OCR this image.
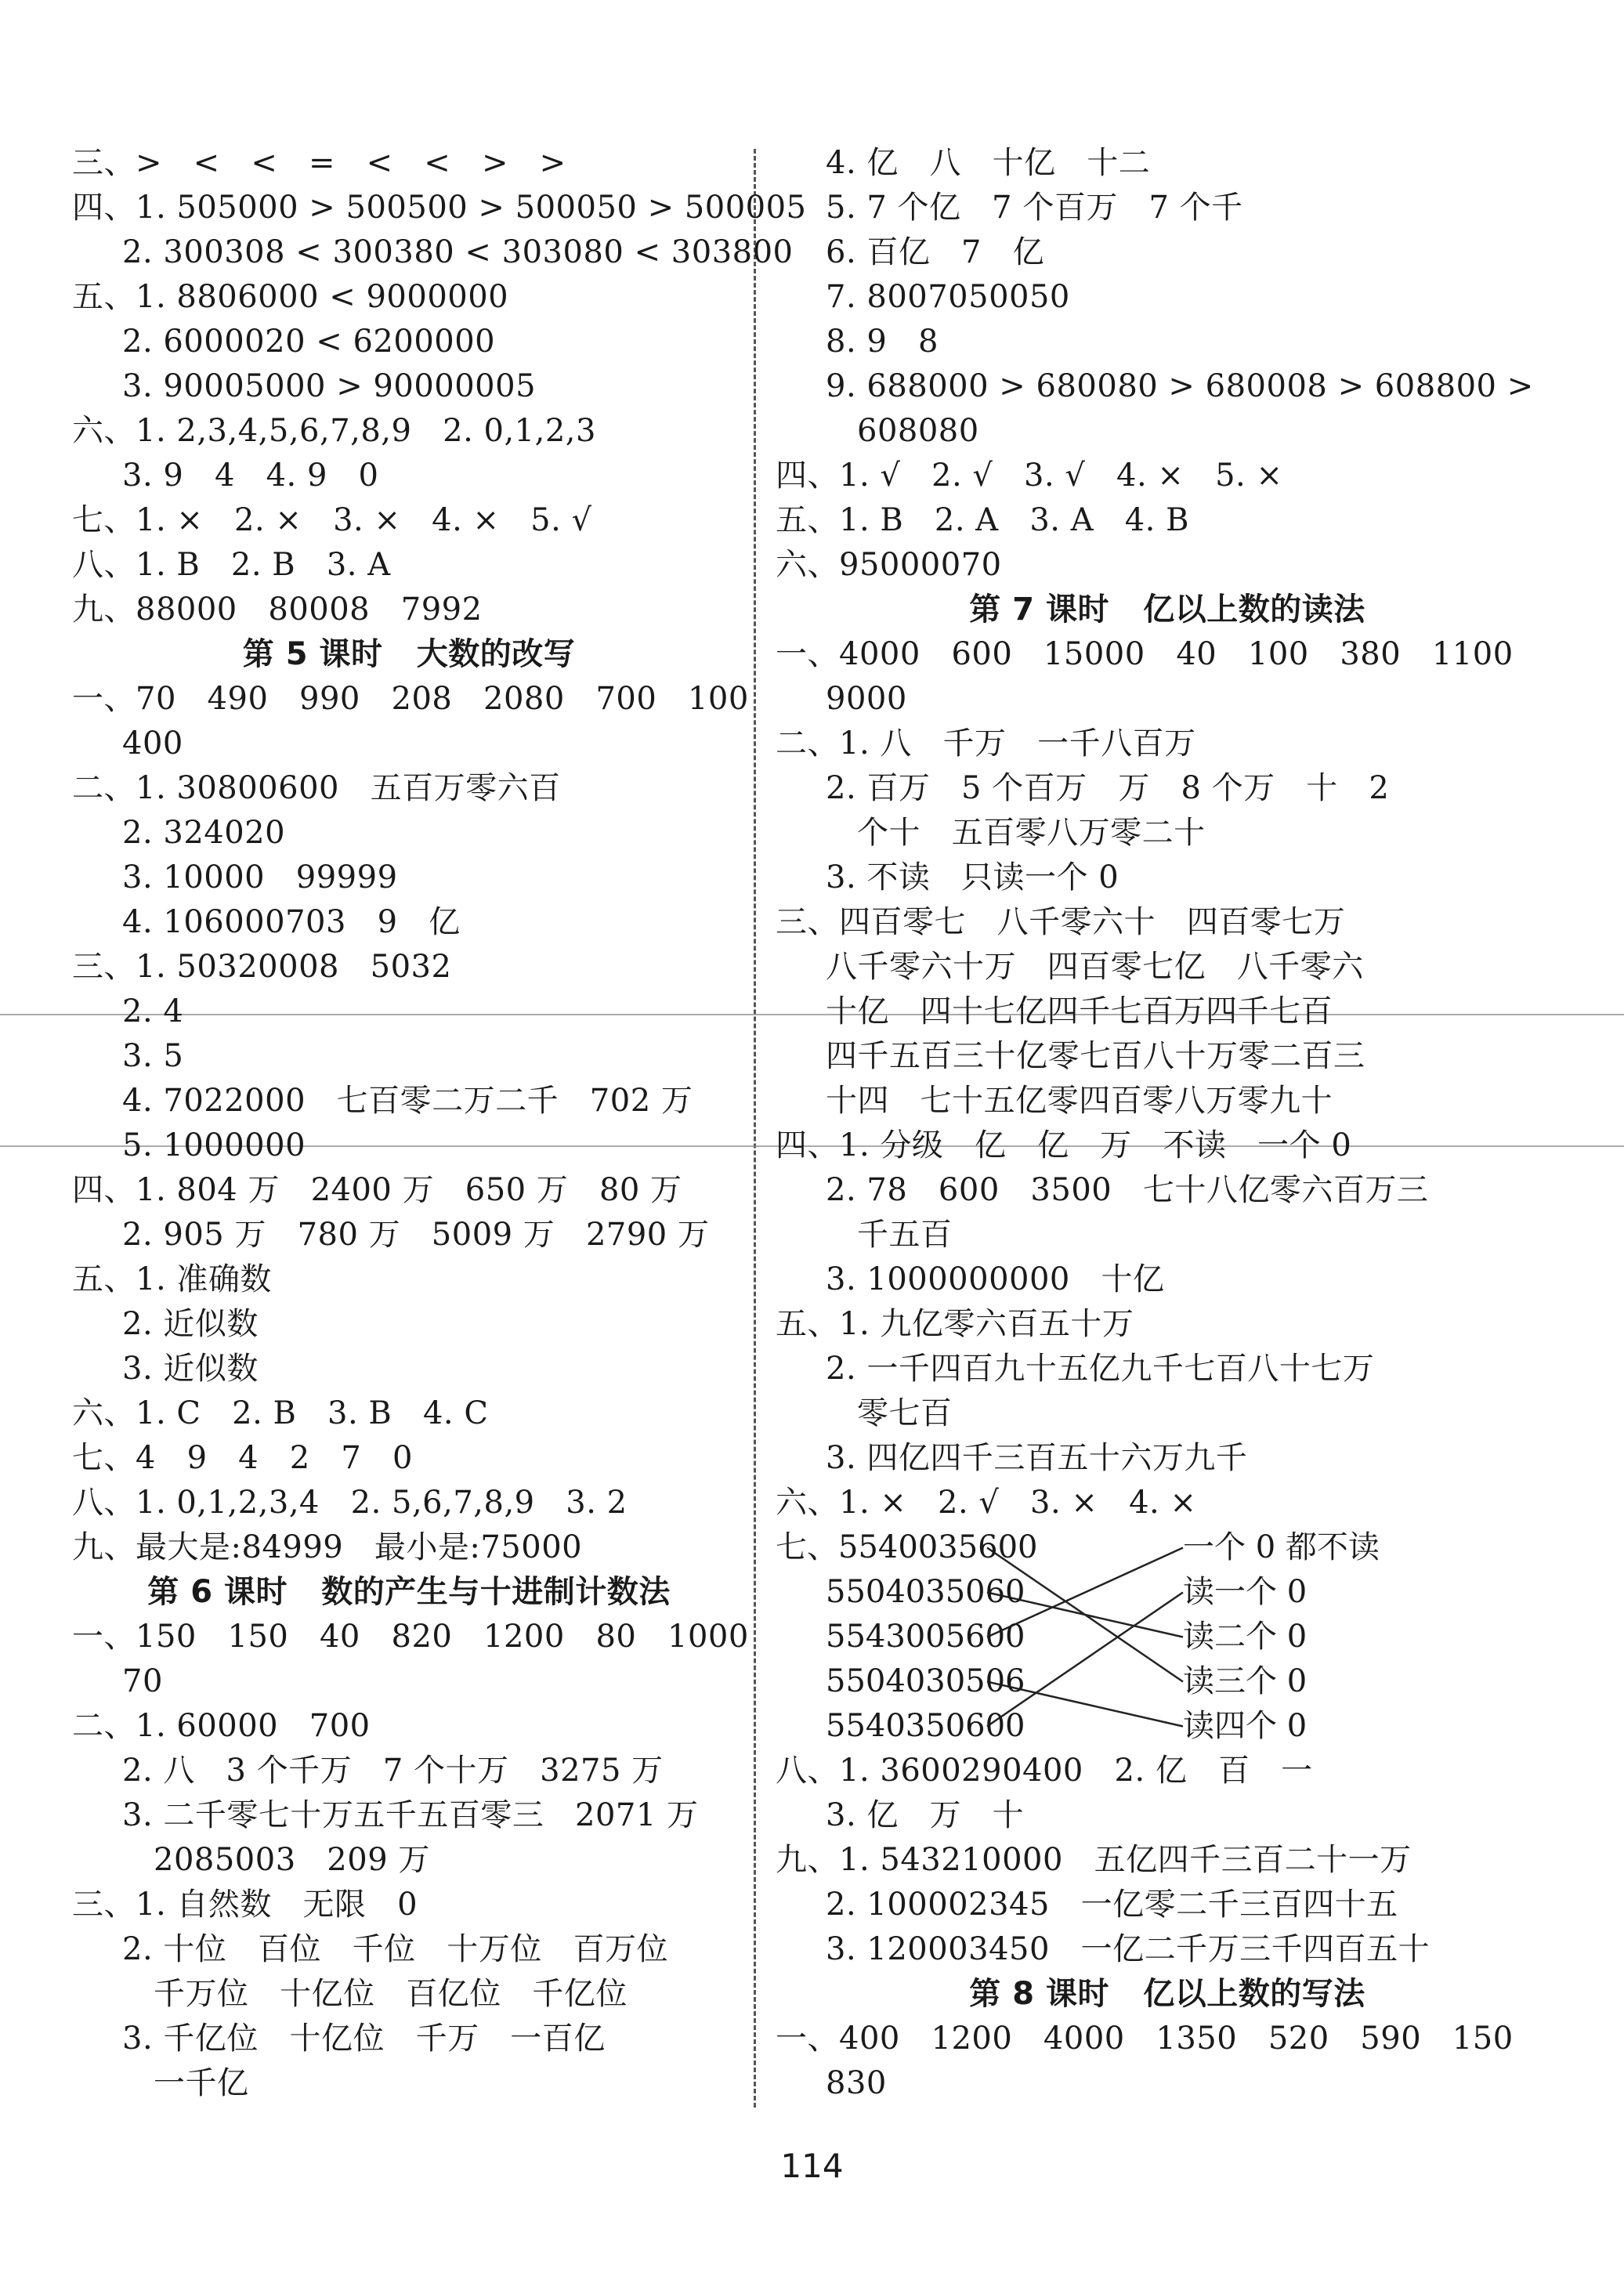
三、>   <   <   =   <   <   >   >
四、1. 505000 > 500500 > 500050 > 500005
2. 300308 < 300380 < 303080 < 303800
五、1. 8806000 < 9000000
2. 6000020 < 6200000
3. 90005000 > 90000005
六、1. 2,3,4,5,6,7,8,9   2. 0,1,2,3
3. 9   4   4. 9   0
七、1. ×   2. ×   3. ×   4. ×   5. √
八、1. B   2. B   3. A
九、88000   80008   7992
第 5 课时   大数的改写
一、70   490   990   208   2080   700   100
400
二、1. 30800600   五百万零六百
2. 324020
3. 10000   99999
4. 106000703   9   亿
三、1. 50320008   5032
2. 4
3. 5
4. 7022000   七百零二万二千   702 万
5. 1000000
四、1. 804 万   2400 万   650 万   80 万
2. 905 万   780 万   5009 万   2790 万
五、1. 准确数
2. 近似数
3. 近似数
六、1. C   2. B   3. B   4. C
七、4   9   4   2   7   0
八、1. 0,1,2,3,4   2. 5,6,7,8,9   3. 2
九、最大是:84999   最小是:75000
第 6 课时   数的产生与十进制计数法
一、150   150   40   820   1200   80   1000
70
二、1. 60000   700
2. 八   3 个千万   7 个十万   3275 万
3. 二千零七十万五千五百零三   2071 万
2085003   209 万
三、1. 自然数   无限   0
2. 十位   百位   千位   十万位   百万位
千万位   十亿位   百亿位   千亿位
3. 千亿位   十亿位   千万   一百亿
一千亿
4. 亿   八   十亿   十二
5. 7 个亿   7 个百万   7 个千
6. 百亿   7   亿
7. 8007050050
8. 9   8
9. 688000 > 680080 > 680008 > 608800 >
608080
四、1. √   2. √   3. √   4. ×   5. ×
五、1. B   2. A   3. A   4. B
六、95000070
第 7 课时   亿以上数的读法
一、4000   600   15000   40   100   380   1100
9000
二、1. 八   千万   一千八百万
2. 百万   5 个百万   万   8 个万   十   2
个十   五百零八万零二十
3. 不读   只读一个 0
三、四百零七   八千零六十   四百零七万
八千零六十万   四百零七亿   八千零六
十亿   四十七亿四千七百万四千七百
四千五百三十亿零七百八十万零二百三
十四   七十五亿零四百零八万零九十
四、1. 分级   亿   亿   万   不读   一个 0
2. 78   600   3500   七十八亿零六百万三
千五百
3. 1000000000   十亿
五、1. 九亿零六百五十万
2. 一千四百九十五亿九千七百八十七万
零七百
3. 四亿四千三百五十六万九千
六、1. ×   2. √   3. ×   4. ×
七、5540035600
5504035060
5543005600
5504030506
5540350600
一个 0 都不读
读一个 0
读二个 0
读三个 0
读四个 0
八、1. 3600290400   2. 亿   百   一
3. 亿   万   十
九、1. 543210000   五亿四千三百二十一万
2. 100002345   一亿零二千三百四十五
3. 120003450   一亿二千万三千四百五十
第 8 课时   亿以上数的写法
一、400   1200   4000   1350   520   590   150
830
114
